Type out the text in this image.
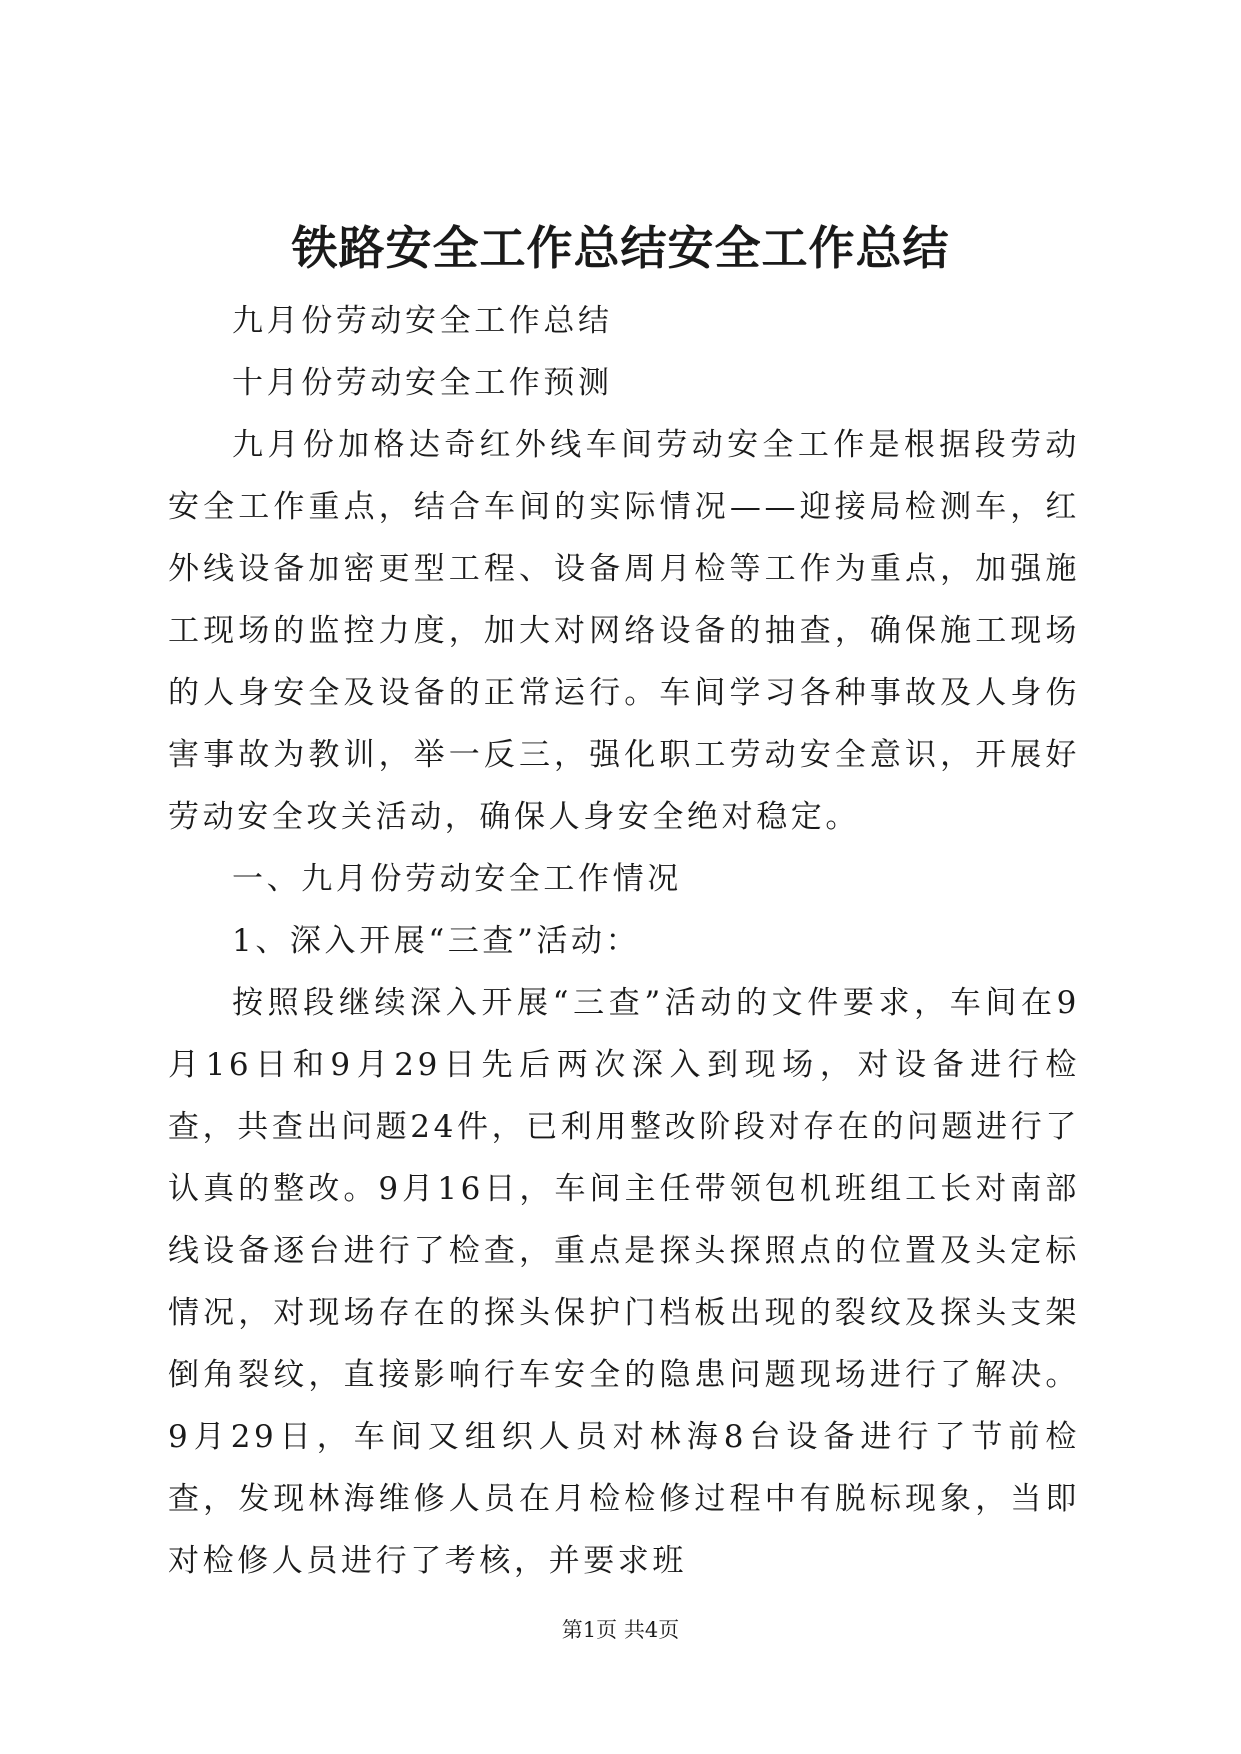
铁路安全工作总结安全工作总结

九月份劳动安全工作总结

十月份劳动安全工作预测

九月份加格达奇红外线车间劳动安全工作是根据段劳动安全工作重点，结合车间的实际情况——迎接局检测车，红外线设备加密更型工程、设备周月检等工作为重点，加强施工现场的监控力度，加大对网络设备的抽查，确保施工现场的人身安全及设备的正常运行。车间学习各种事故及人身伤害事故为教训，举一反三，强化职工劳动安全意识，开展好劳动安全攻关活动，确保人身安全绝对稳定。

一、九月份劳动安全工作情况

1、深入开展“三查”活动：

按照段继续深入开展“三查”活动的文件要求，车间在9月16日和9月29日先后两次深入到现场，对设备进行检查，共查出问题24件，已利用整改阶段对存在的问题进行了认真的整改。9月16日，车间主任带领包机班组工长对南部线设备逐台进行了检查，重点是探头探照点的位置及头定标情况，对现场存在的探头保护门档板出现的裂纹及探头支架倒角裂纹，直接影响行车安全的隐患问题现场进行了解决。9月29日，车间又组织人员对林海8台设备进行了节前检查，发现林海维修人员在月检检修过程中有脱标现象，当即对检修人员进行了考核，并要求班

第1页 共4页
